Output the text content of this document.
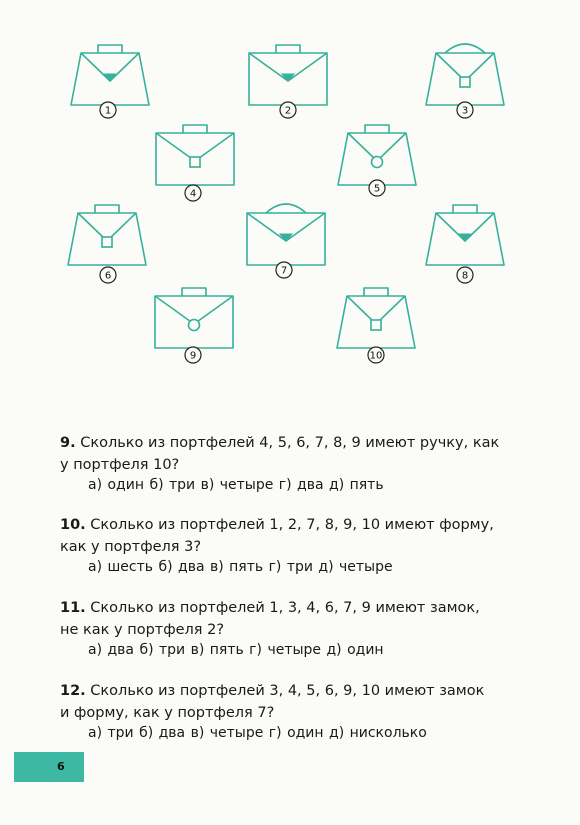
1	2	3
4	5
6	7	8
9	10
9. Сколько из портфелей 4, 5, 6, 7, 8, 9 имеют ручку, как
у портфеля 10?
а) один б) три в) четыре г) два д) пять
10. Сколько из портфелей 1, 2, 7, 8, 9, 10 имеют форму,
как у портфеля 3?
а) шесть б) два в) пять г) три д) четыре
11. Сколько из портфелей 1, 3, 4, 6, 7, 9 имеют замок,
не как у портфеля 2?
а) два б) три в) пять г) четыре д) один
12. Сколько из портфелей 3, 4, 5, 6, 9, 10 имеют замок
и форму, как у портфеля 7?
а) три б) два в) четыре г) один д) нисколько
6
